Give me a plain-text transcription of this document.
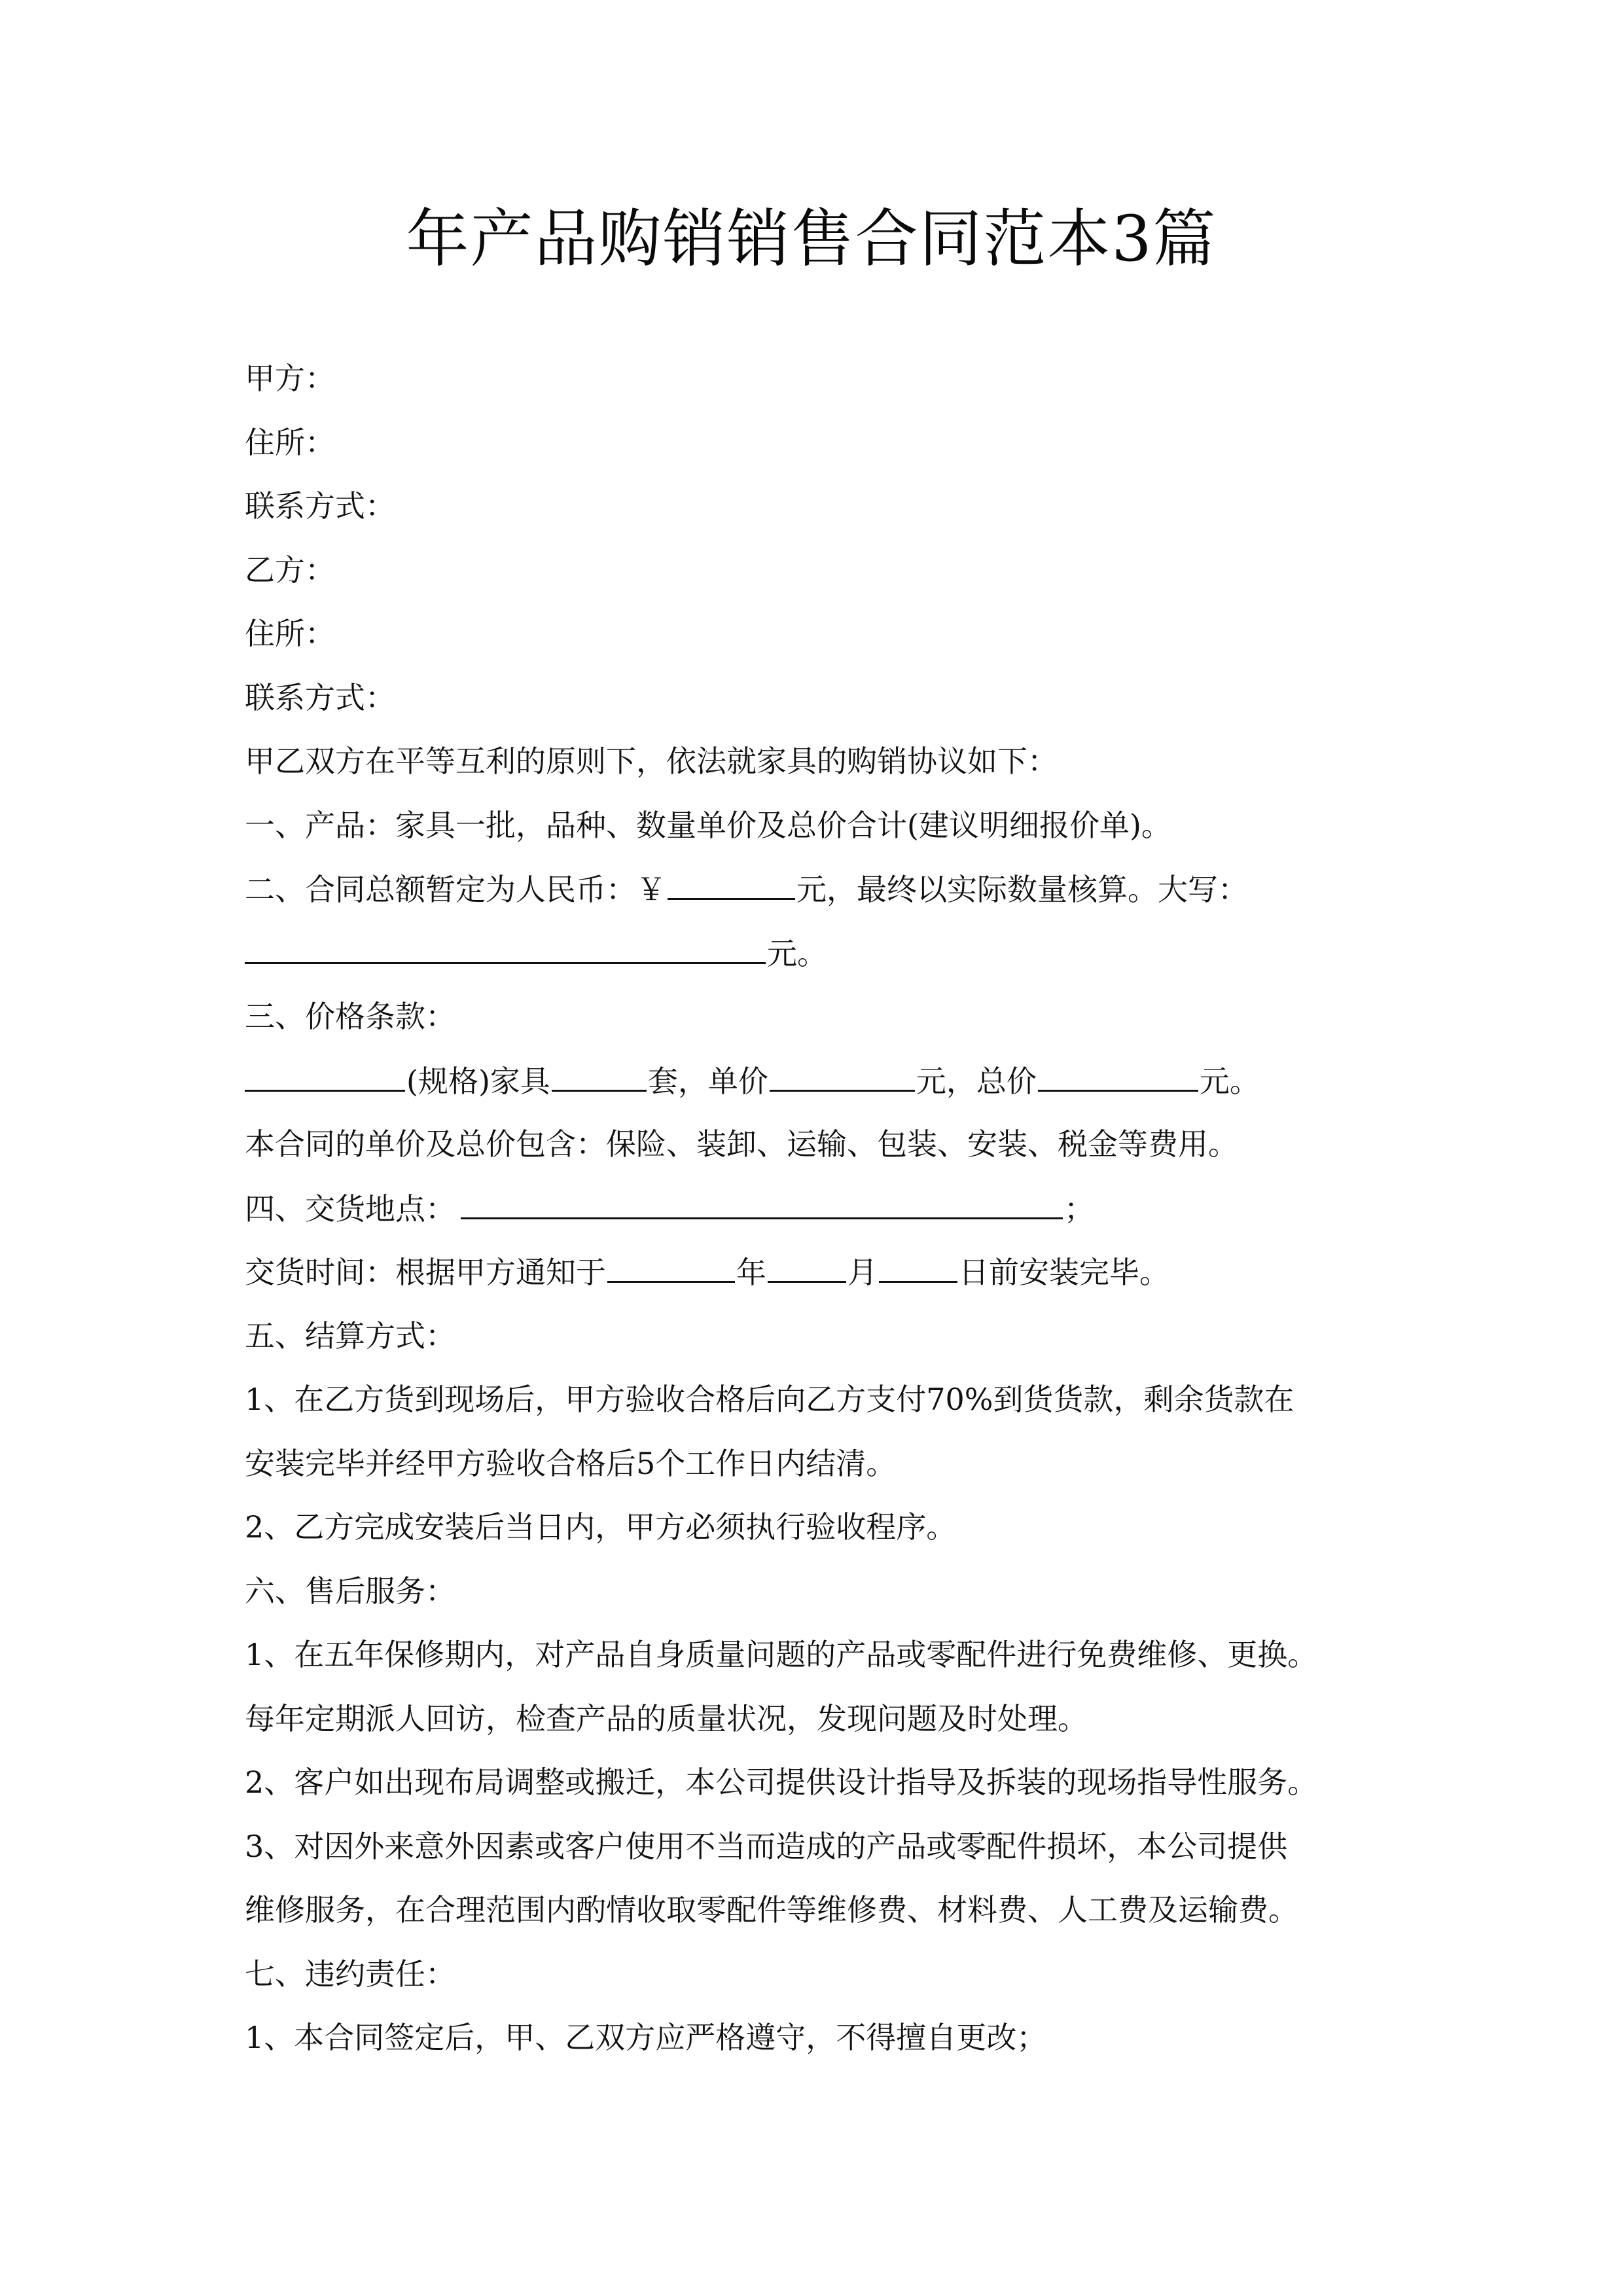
年产品购销销售合同范本3篇
甲方：
住所：
联系方式：
乙方：
住所：
联系方式：
甲乙双方在平等互利的原则下，依法就家具的购销协议如下：
一、产品：家具一批，品种、数量单价及总价合计(建议明细报价单)。
二、合同总额暂定为人民币：￥	元，最终以实际数量核算。大写：
元。
三、价格条款：
(规格)家具	套，单价	元，总价	元。
本合同的单价及总价包含：保险、装卸、运输、包装、安装、税金等费用。
四、交货地点：	；
交货时间：根据甲方通知于	年	月	日前安装完毕。
五、结算方式：
1、在乙方货到现场后，甲方验收合格后向乙方支付70%到货货款，剩余货款在
安装完毕并经甲方验收合格后5个工作日内结清。
2、乙方完成安装后当日内，甲方必须执行验收程序。
六、售后服务：
1、在五年保修期内，对产品自身质量问题的产品或零配件进行免费维修、更换。
每年定期派人回访，检查产品的质量状况，发现问题及时处理。
2、客户如出现布局调整或搬迁，本公司提供设计指导及拆装的现场指导性服务。
3、对因外来意外因素或客户使用不当而造成的产品或零配件损坏，本公司提供
维修服务，在合理范围内酌情收取零配件等维修费、材料费、人工费及运输费。
七、违约责任：
1、本合同签定后，甲、乙双方应严格遵守，不得擅自更改；
